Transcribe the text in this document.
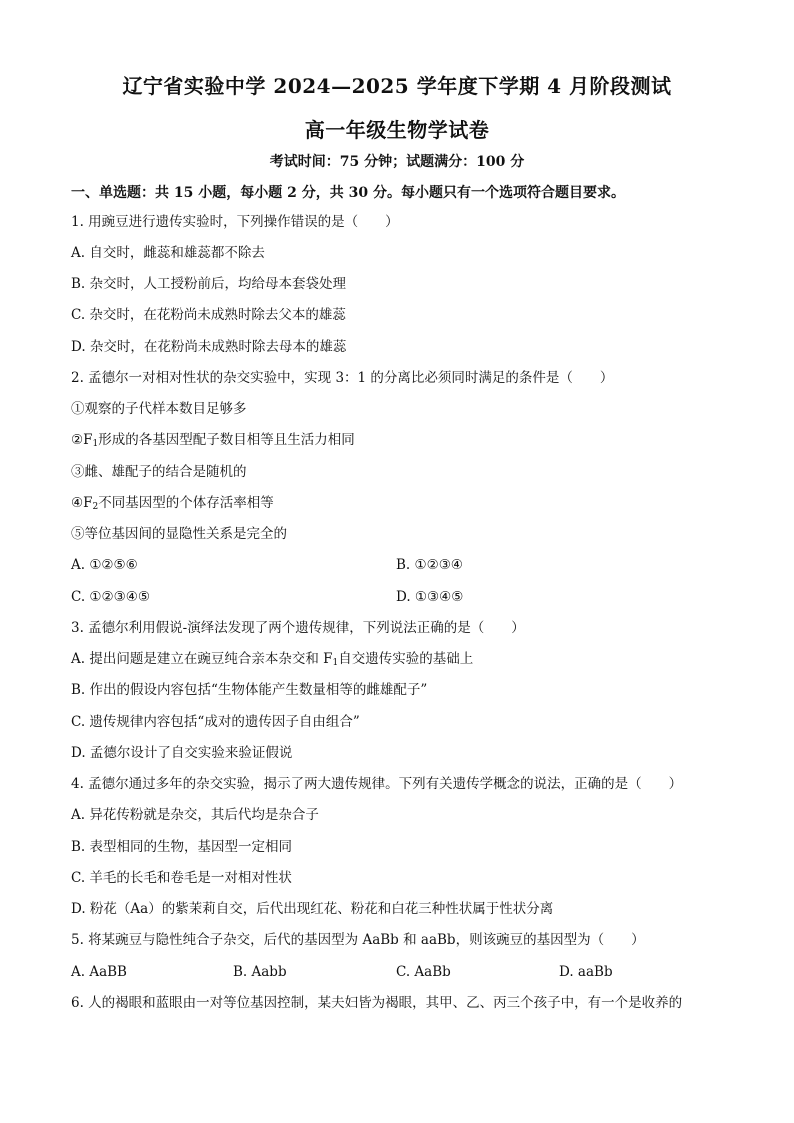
辽宁省实验中学 2024—2025 学年度下学期 4 月阶段测试
高一年级生物学试卷
考试时间：75 分钟；试题满分：100 分
一、单选题：共 15 小题，每小题 2 分，共 30 分。每小题只有一个选项符合题目要求。
1. 用豌豆进行遗传实验时，下列操作错误的是（　　）
A. 自交时，雌蕊和雄蕊都不除去
B. 杂交时，人工授粉前后，均给母本套袋处理
C. 杂交时，在花粉尚未成熟时除去父本的雄蕊
D. 杂交时，在花粉尚未成熟时除去母本的雄蕊
2. 孟德尔一对相对性状的杂交实验中，实现 3：1 的分离比必须同时满足的条件是（　　）
①观察的子代样本数目足够多
$②F_1$形成的各基因型配子数目相等且生活力相同
③雌、雄配子的结合是随机的
$④F_2$不同基因型的个体存活率相等
⑤等位基因间的显隐性关系是完全的
A. ①②⑤⑥	B. ①②③④
C. ①②③④⑤	D. ①③④⑤
3. 孟德尔利用假说-演绎法发现了两个遗传规律，下列说法正确的是（　　）
A. 提出问题是建立在豌豆纯合亲本杂交和 $F_1$自交遗传实验的基础上
B. 作出的假设内容包括“生物体能产生数量相等的雌雄配子”
C. 遗传规律内容包括“成对的遗传因子自由组合”
D. 孟德尔设计了自交实验来验证假说
4. 孟德尔通过多年的杂交实验，揭示了两大遗传规律。下列有关遗传学概念的说法，正确的是（　　）
A. 异花传粉就是杂交，其后代均是杂合子
B. 表型相同的生物，基因型一定相同
C. 羊毛的长毛和卷毛是一对相对性状
D. 粉花（Aa）的紫茉莉自交，后代出现红花、粉花和白花三种性状属于性状分离
5. 将某豌豆与隐性纯合子杂交，后代的基因型为 AaBb 和 aaBb，则该豌豆的基因型为（　　）
A. AaBB	B. Aabb	C. AaBb	D. aaBb
6. 人的褐眼和蓝眼由一对等位基因控制，某夫妇皆为褐眼，其甲、乙、丙三个孩子中，有一个是收养的
